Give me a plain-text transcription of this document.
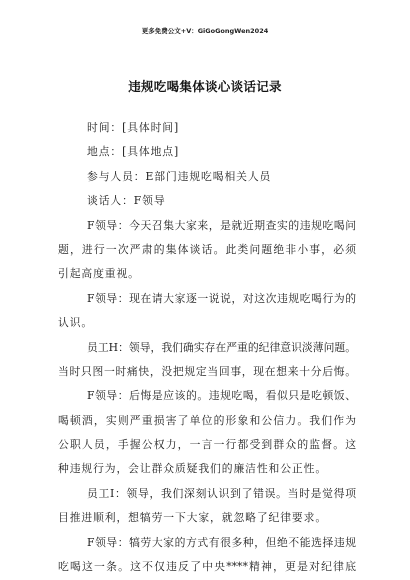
更多免费公文+V：GiGoGongWen2024
违规吃喝集体谈心谈话记录
时间：[具体时间]
地点：[具体地点]
参与人员：E部门违规吃喝相关人员
谈话人：F领导
F领导：今天召集大家来，是就近期查实的违规吃喝问
题，进行一次严肃的集体谈话。此类问题绝非小事，必须
引起高度重视。
F领导：现在请大家逐一说说，对这次违规吃喝行为的
认识。
员工H：领导，我们确实存在严重的纪律意识淡薄问题。
当时只图一时痛快，没把规定当回事，现在想来十分后悔。
F领导：后悔是应该的。违规吃喝，看似只是吃顿饭、
喝顿酒，实则严重损害了单位的形象和公信力。我们作为
公职人员，手握公权力，一言一行都受到群众的监督。这
种违规行为，会让群众质疑我们的廉洁性和公正性。
员工I：领导，我们深刻认识到了错误。当时是觉得项
目推进顺利，想犒劳一下大家，就忽略了纪律要求。
F领导：犒劳大家的方式有很多种，但绝不能选择违规
吃喝这一条。这不仅违反了中央****精神，更是对纪律底
